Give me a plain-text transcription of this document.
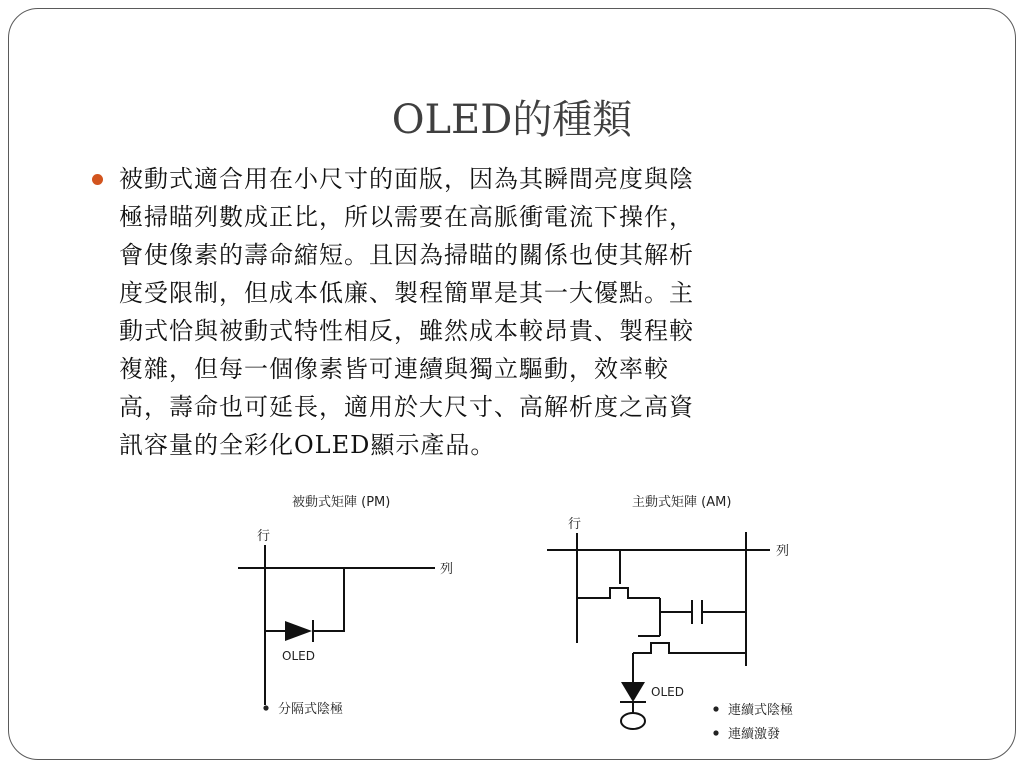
OLED的種類
被動式適合用在小尺寸的面版，因為其瞬間亮度與陰
極掃瞄列數成正比，所以需要在高脈衝電流下操作，
會使像素的壽命縮短。且因為掃瞄的關係也使其解析
度受限制，但成本低廉、製程簡單是其一大優點。主
動式恰與被動式特性相反，雖然成本較昂貴、製程較
複雜，但每一個像素皆可連續與獨立驅動，效率較
高，壽命也可延長，適用於大尺寸、高解析度之高資
訊容量的全彩化OLED顯示產品。
被動式矩陣 (PM)
行
列
OLED
分隔式陰極
主動式矩陣 (AM)
行
列
OLED
連續式陰極
連續激發
